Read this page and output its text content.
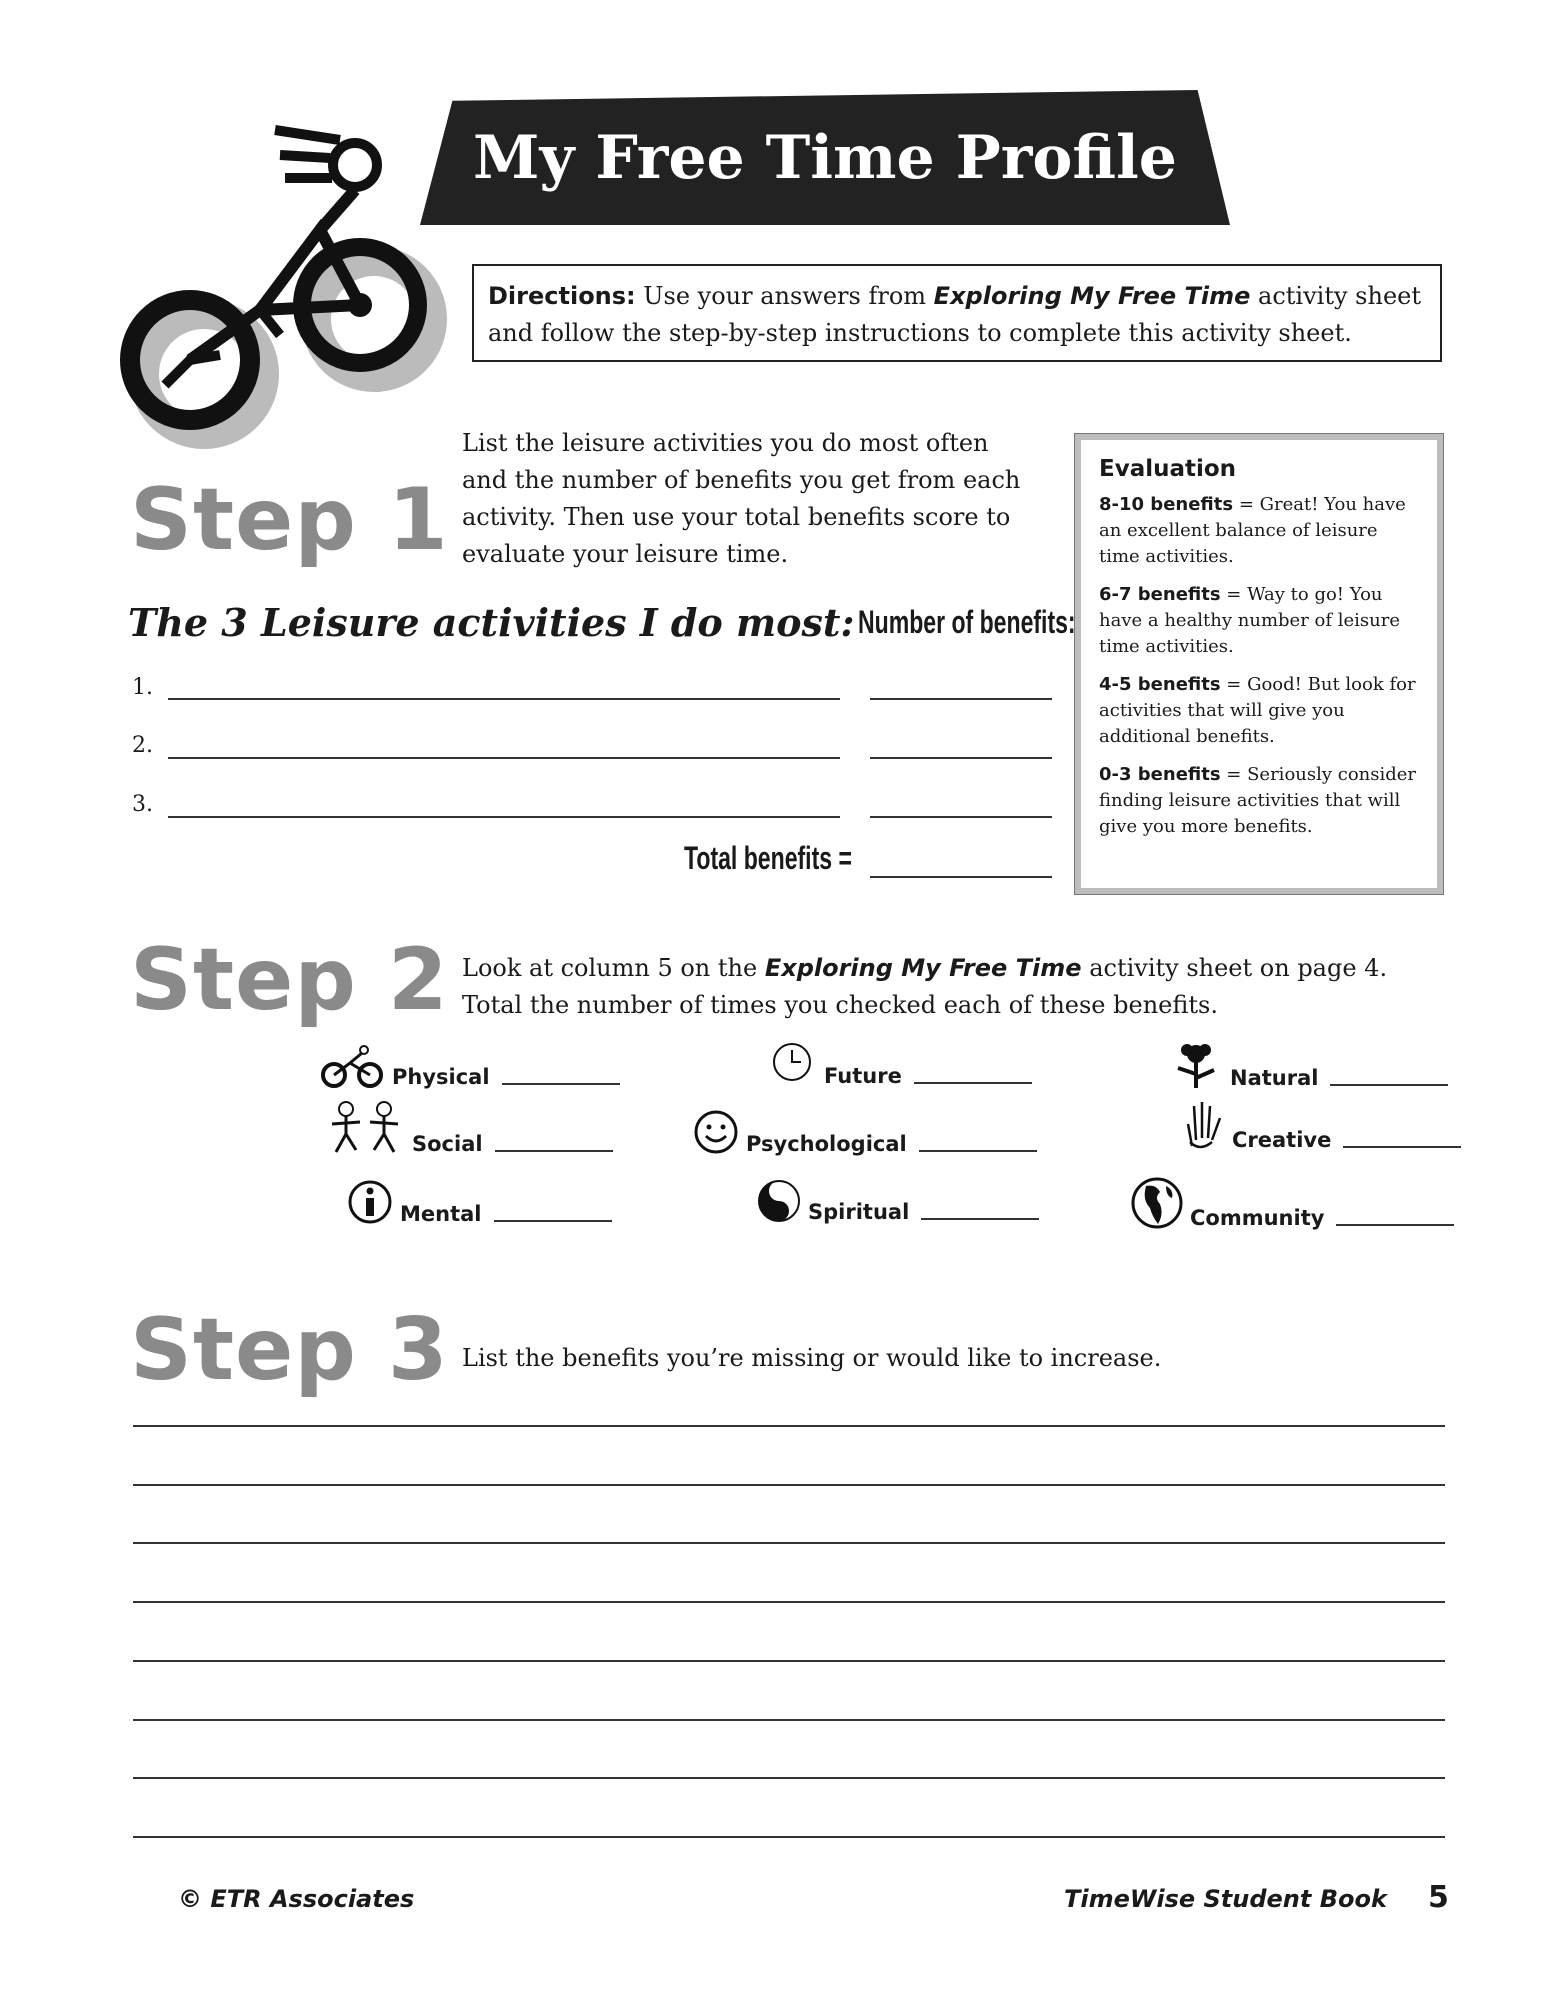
My Free Time Profile
Directions: Use your answers from Exploring My Free Time activity sheet and follow the step-by-step instructions to complete this activity sheet.
Step 1
List the leisure activities you do most often and the number of benefits you get from each activity. Then use your total benefits score to evaluate your leisure time.
The 3 Leisure activities I do most: Number of benefits:
1.
2.
3.
Total benefits =
Evaluation

8-10 benefits = Great! You have an excellent balance of leisure time activities.

6-7 benefits = Way to go! You have a healthy number of leisure time activities.

4-5 benefits = Good! But look for activities that will give you additional benefits.

0-3 benefits = Seriously consider finding leisure activities that will give you more benefits.

Step 2 Look at column 5 on the Exploring My Free Time activity sheet on page 4. Total the number of times you checked each of these benefits.
Physical	Future	Natural
Social	Psychological	Creative
Mental	Spiritual	Community
Step 3 List the benefits you’re missing or would like to increase.
© ETR Associates	TimeWise Student Book 5
